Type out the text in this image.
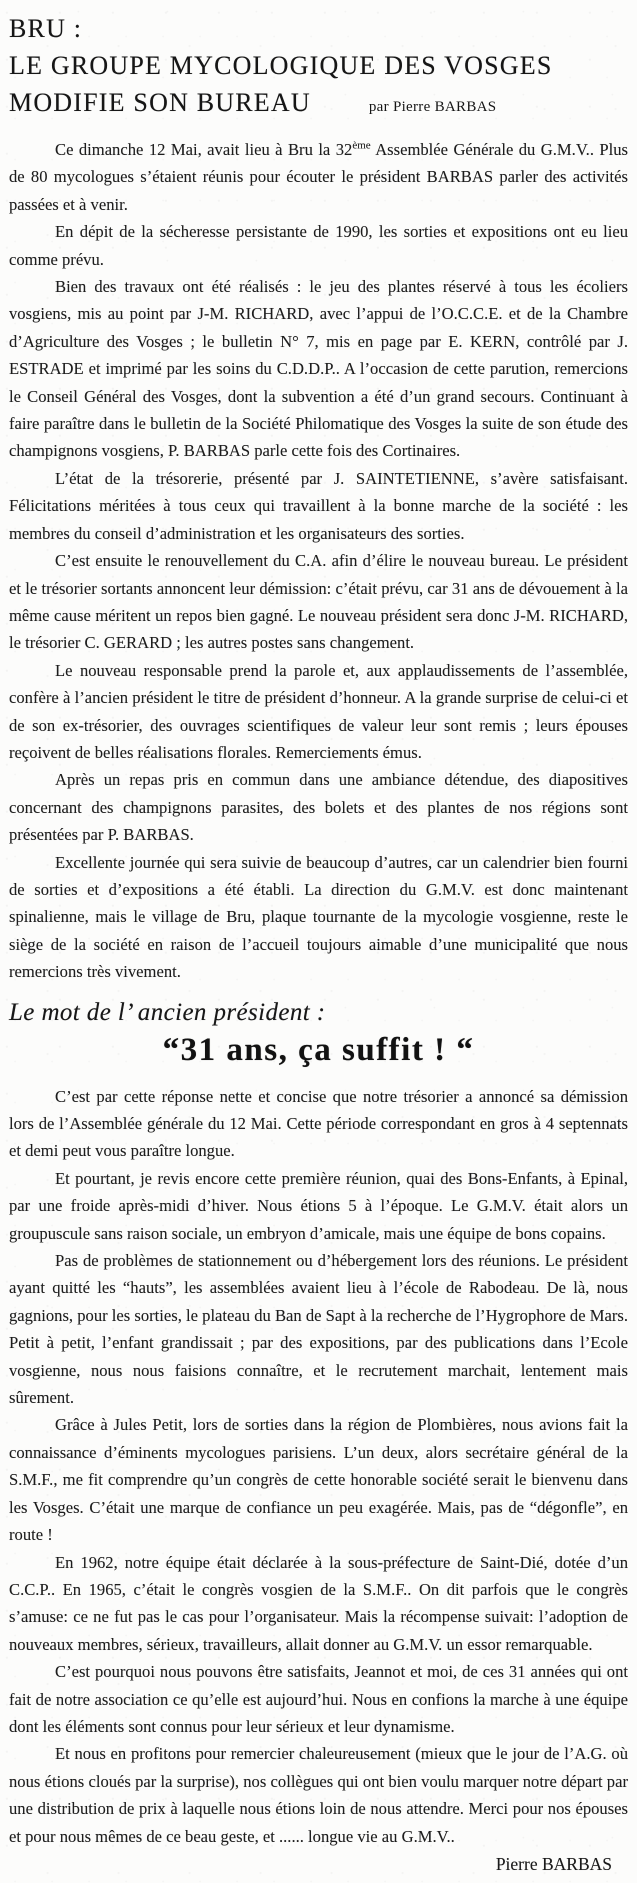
BRU :
LE GROUPE MYCOLOGIQUE DES VOSGES
MODIFIE SON BUREAU	par Pierre BARBAS

Ce dimanche 12 Mai, avait lieu à Bru la 32ème Assemblée Générale du G.M.V.. Plus de 80 mycologues s’étaient réunis pour écouter le président BARBAS parler des activités passées et à venir.

En dépit de la sécheresse persistante de 1990, les sorties et expositions ont eu lieu comme prévu.

Bien des travaux ont été réalisés : le jeu des plantes réservé à tous les écoliers vosgiens, mis au point par J-M. RICHARD, avec l’appui de l’O.C.C.E. et de la Chambre d’Agriculture des Vosges ; le bulletin N° 7, mis en page par E. KERN, contrôlé par J. ESTRADE et imprimé par les soins du C.D.D.P.. A l’occasion de cette parution, remercions le Conseil Général des Vosges, dont la subvention a été d’un grand secours. Continuant à faire paraître dans le bulletin de la Société Philomatique des Vosges la suite de son étude des champignons vosgiens, P. BARBAS parle cette fois des Cortinaires.

L’état de la trésorerie, présenté par J. SAINTETIENNE, s’avère satisfaisant. Félicitations méritées à tous ceux qui travaillent à la bonne marche de la société : les membres du conseil d’administration et les organisateurs des sorties.

C’est ensuite le renouvellement du C.A. afin d’élire le nouveau bureau. Le président et le trésorier sortants annoncent leur démission: c’était prévu, car 31 ans de dévouement à la même cause méritent un repos bien gagné. Le nouveau président sera donc J-M. RICHARD, le trésorier C. GERARD ; les autres postes sans changement.

Le nouveau responsable prend la parole et, aux applaudissements de l’assemblée, confère à l’ancien président le titre de président d’honneur. A la grande surprise de celui-ci et de son ex-trésorier, des ouvrages scientifiques de valeur leur sont remis ; leurs épouses reçoivent de belles réalisations florales. Remerciements émus.

Après un repas pris en commun dans une ambiance détendue, des diapositives concernant des champignons parasites, des bolets et des plantes de nos régions sont présentées par P. BARBAS.

Excellente journée qui sera suivie de beaucoup d’autres, car un calendrier bien fourni de sorties et d’expositions a été établi. La direction du G.M.V. est donc maintenant spinalienne, mais le village de Bru, plaque tournante de la mycologie vosgienne, reste le siège de la société en raison de l’accueil toujours aimable d’une municipalité que nous remercions très vivement.

Le mot de l’ ancien président :
“31 ans, ça suffit ! “

C’est par cette réponse nette et concise que notre trésorier a annoncé sa démission lors de l’Assemblée générale du 12 Mai. Cette période correspondant en gros à 4 septennats et demi peut vous paraître longue.

Et pourtant, je revis encore cette première réunion, quai des Bons-Enfants, à Epinal, par une froide après-midi d’hiver. Nous étions 5 à l’époque. Le G.M.V. était alors un groupuscule sans raison sociale, un embryon d’amicale, mais une équipe de bons copains.

Pas de problèmes de stationnement ou d’hébergement lors des réunions. Le président ayant quitté les “hauts”, les assemblées avaient lieu à l’école de Rabodeau. De là, nous gagnions, pour les sorties, le plateau du Ban de Sapt à la recherche de l’Hygrophore de Mars. Petit à petit, l’enfant grandissait ; par des expositions, par des publications dans l’Ecole vosgienne, nous nous faisions connaître, et le recrutement marchait, lentement mais sûrement.

Grâce à Jules Petit, lors de sorties dans la région de Plombières, nous avions fait la connaissance d’éminents mycologues parisiens. L’un deux, alors secrétaire général de la S.M.F., me fit comprendre qu’un congrès de cette honorable société serait le bienvenu dans les Vosges. C’était une marque de confiance un peu exagérée. Mais, pas de “dégonfle”, en route !

En 1962, notre équipe était déclarée à la sous-préfecture de Saint-Dié, dotée d’un C.C.P.. En 1965, c’était le congrès vosgien de la S.M.F.. On dit parfois que le congrès s’amuse: ce ne fut pas le cas pour l’organisateur. Mais la récompense suivait: l’adoption de nouveaux membres, sérieux, travailleurs, allait donner au G.M.V. un essor remarquable.

C’est pourquoi nous pouvons être satisfaits, Jeannot et moi, de ces 31 années qui ont fait de notre association ce qu’elle est aujourd’hui. Nous en confions la marche à une équipe dont les éléments sont connus pour leur sérieux et leur dynamisme.

Et nous en profitons pour remercier chaleureusement (mieux que le jour de l’A.G. où nous étions cloués par la surprise), nos collègues qui ont bien voulu marquer notre départ par une distribution de prix à laquelle nous étions loin de nous attendre. Merci pour nos épouses et pour nous mêmes de ce beau geste, et ...... longue vie au G.M.V..

Pierre BARBAS
